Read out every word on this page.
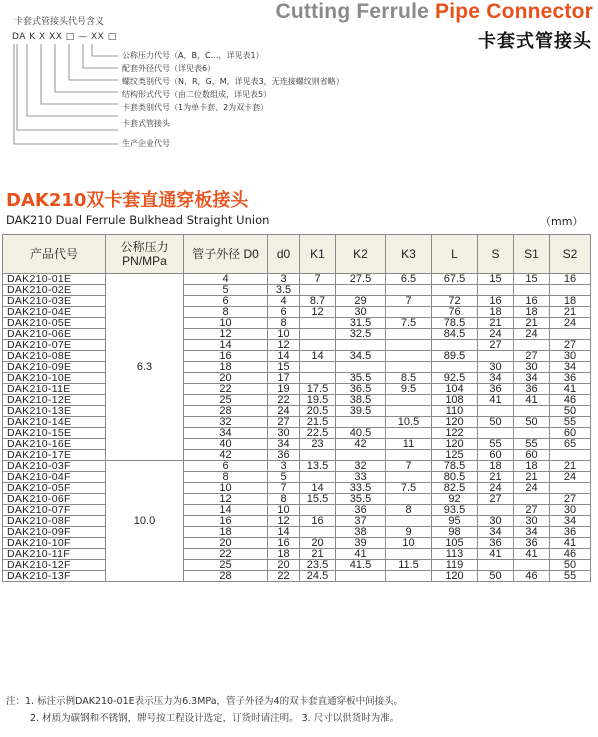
Cutting Ferrule Pipe Connector
卡套式管接头
卡套式管接头代号含义
DA K X XX □ — XX □
公称压力代号（A，B，C…，详见表1）
配套外径代号（详见表6）
螺纹类别代号（N，R，G，M，详见表3，无连接螺纹则省略）
结构形式代号（由二位数组成，详见表5）
卡套类别代号（1为单卡套、2为双卡套）
卡套式管接头
生产企业代号
DAK210双卡套直通穿板接头
DAK210 Dual Ferrule Bulkhead Straight Union	（mm）
产品代号	公称压力 PN/MPa	管子外径 D0	d0	K1	K2	K3	L	S	S1	S2
DAK210-01E	6.3	4	3	7	27.5	6.5	67.5	15	15	16
DAK210-02E		5	3.5							
DAK210-03E		6	4	8.7	29	7	72	16	16	18
DAK210-04E		8	6	12	30		76	18	18	21
DAK210-05E		10	8		31.5	7.5	78.5	21	21	24
DAK210-06E		12	10		32.5		84.5	24	24	
DAK210-07E		14	12					27		27
DAK210-08E		16	14	14	34.5		89.5		27	30
DAK210-09E		18	15					30	30	34
DAK210-10E		20	17		35.5	8.5	92.5	34	34	36
DAK210-11E		22	19	17.5	36.5	9.5	104	36	36	41
DAK210-12E		25	22	19.5	38.5		108	41	41	46
DAK210-13E		28	24	20.5	39.5		110			50
DAK210-14E		32	27	21.5		10.5	120	50	50	55
DAK210-15E		34	30	22.5	40.5		122			60
DAK210-16E		40	34	23	42	11	120	55	55	65
DAK210-17E		42	36				125	60	60	
DAK210-03F	10.0	6	3	13.5	32	7	78.5	18	18	21
DAK210-04F		8	5		33		80.5	21	21	24
DAK210-05F		10	7	14	33.5	7.5	82.5	24	24	
DAK210-06F		12	8	15.5	35.5		92	27		27
DAK210-07F		14	10		36	8	93.5		27	30
DAK210-08F		16	12	16	37		95	30	30	34
DAK210-09F		18	14		38	9	98	34	34	36
DAK210-10F		20	16	20	39	10	105	36	36	41
DAK210-11F		22	18	21	41		113	41	41	46
DAK210-12F		25	20	23.5	41.5	11.5	119			50
DAK210-13F		28	22	24.5			120	50	46	55
注：1. 标注示例DAK210-01E表示压力为6.3MPa，管子外径为4的双卡套直通穿板中间接头。
2. 材质为碳钢和不锈钢，牌号按工程设计选定，订货时请注明。 3. 尺寸以供货时为准。
